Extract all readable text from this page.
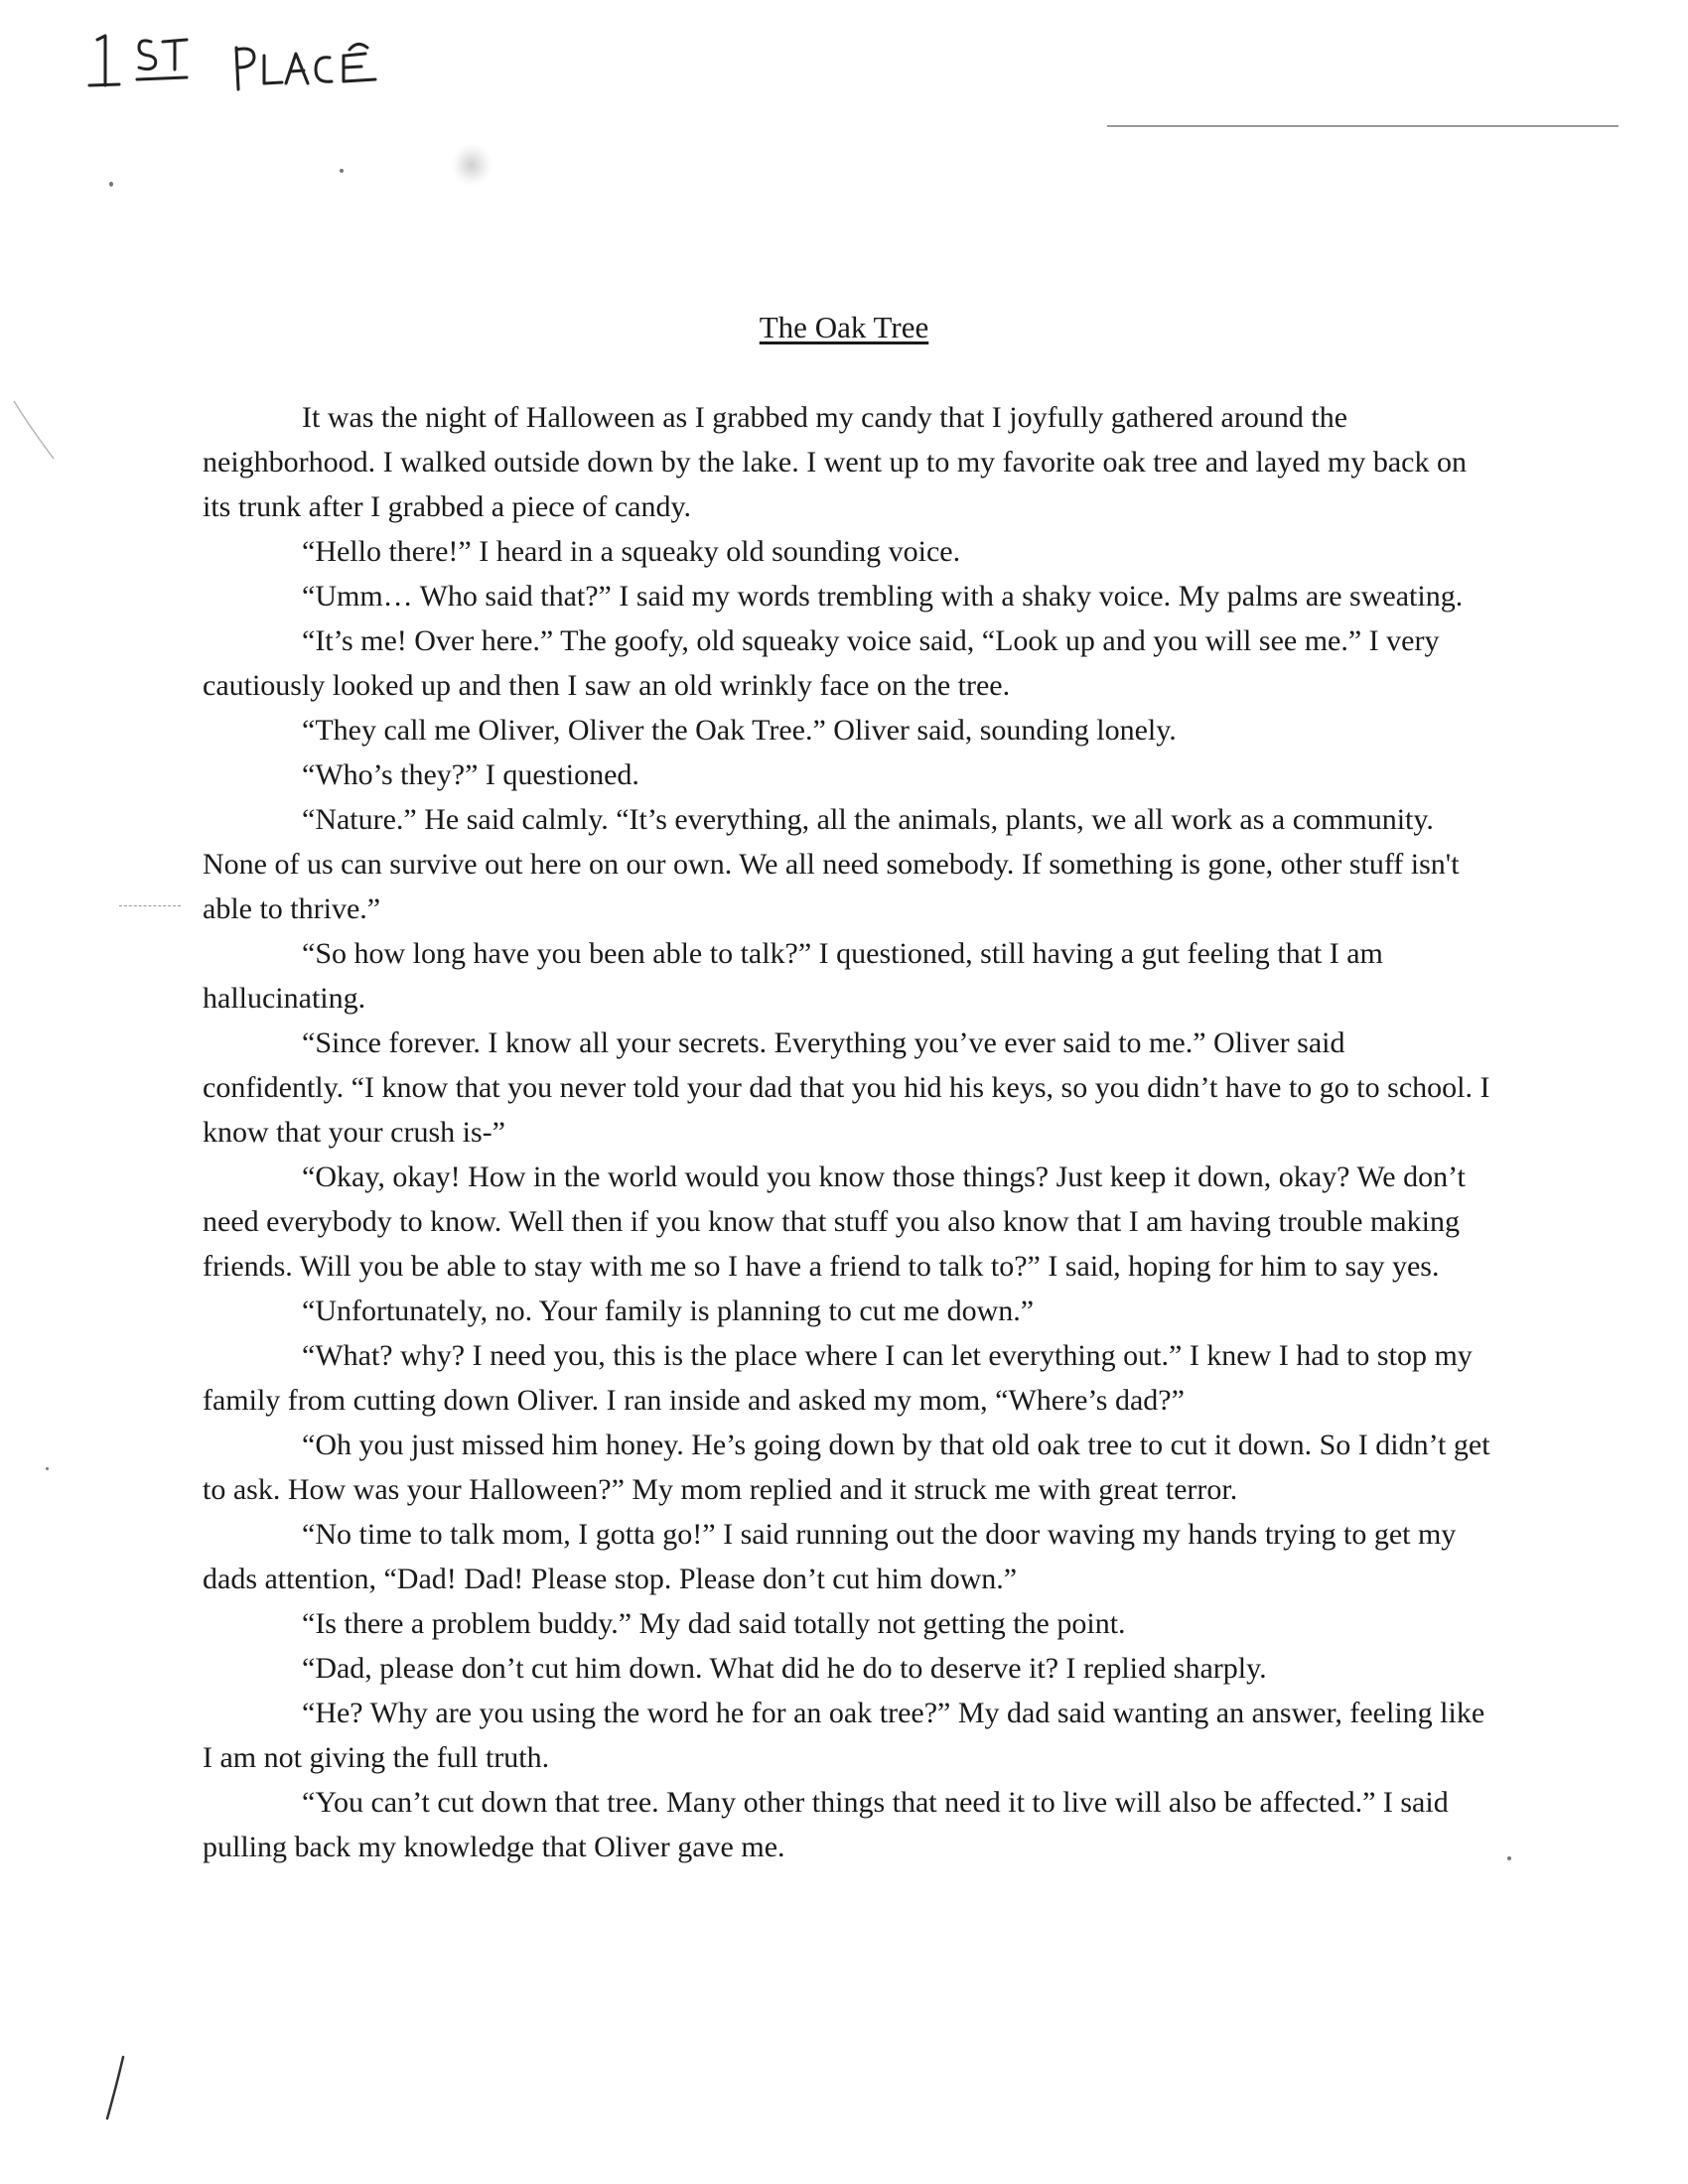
The Oak Tree

It was the night of Halloween as I grabbed my candy that I joyfully gathered around the neighborhood. I walked outside down by the lake. I went up to my favorite oak tree and layed my back on its trunk after I grabbed a piece of candy.

“Hello there!” I heard in a squeaky old sounding voice.

“Umm… Who said that?” I said my words trembling with a shaky voice. My palms are sweating.

“It’s me! Over here.” The goofy, old squeaky voice said, “Look up and you will see me.” I very cautiously looked up and then I saw an old wrinkly face on the tree.

“They call me Oliver, Oliver the Oak Tree.” Oliver said, sounding lonely.

“Who’s they?” I questioned.

“Nature.” He said calmly. “It’s everything, all the animals, plants, we all work as a community. None of us can survive out here on our own. We all need somebody. If something is gone, other stuff isn't able to thrive.”

“So how long have you been able to talk?” I questioned, still having a gut feeling that I am hallucinating.

“Since forever. I know all your secrets. Everything you’ve ever said to me.” Oliver said confidently. “I know that you never told your dad that you hid his keys, so you didn’t have to go to school. I know that your crush is-”

“Okay, okay! How in the world would you know those things? Just keep it down, okay? We don’t need everybody to know. Well then if you know that stuff you also know that I am having trouble making friends. Will you be able to stay with me so I have a friend to talk to?” I said, hoping for him to say yes.

“Unfortunately, no. Your family is planning to cut me down.”

“What? why? I need you, this is the place where I can let everything out.” I knew I had to stop my family from cutting down Oliver. I ran inside and asked my mom, “Where’s dad?”

“Oh you just missed him honey. He’s going down by that old oak tree to cut it down. So I didn’t get to ask. How was your Halloween?” My mom replied and it struck me with great terror.

“No time to talk mom, I gotta go!” I said running out the door waving my hands trying to get my dads attention, “Dad! Dad! Please stop. Please don’t cut him down.”

“Is there a problem buddy.” My dad said totally not getting the point.

“Dad, please don’t cut him down. What did he do to deserve it? I replied sharply.

“He? Why are you using the word he for an oak tree?” My dad said wanting an answer, feeling like I am not giving the full truth.

“You can’t cut down that tree. Many other things that need it to live will also be affected.” I said pulling back my knowledge that Oliver gave me.
